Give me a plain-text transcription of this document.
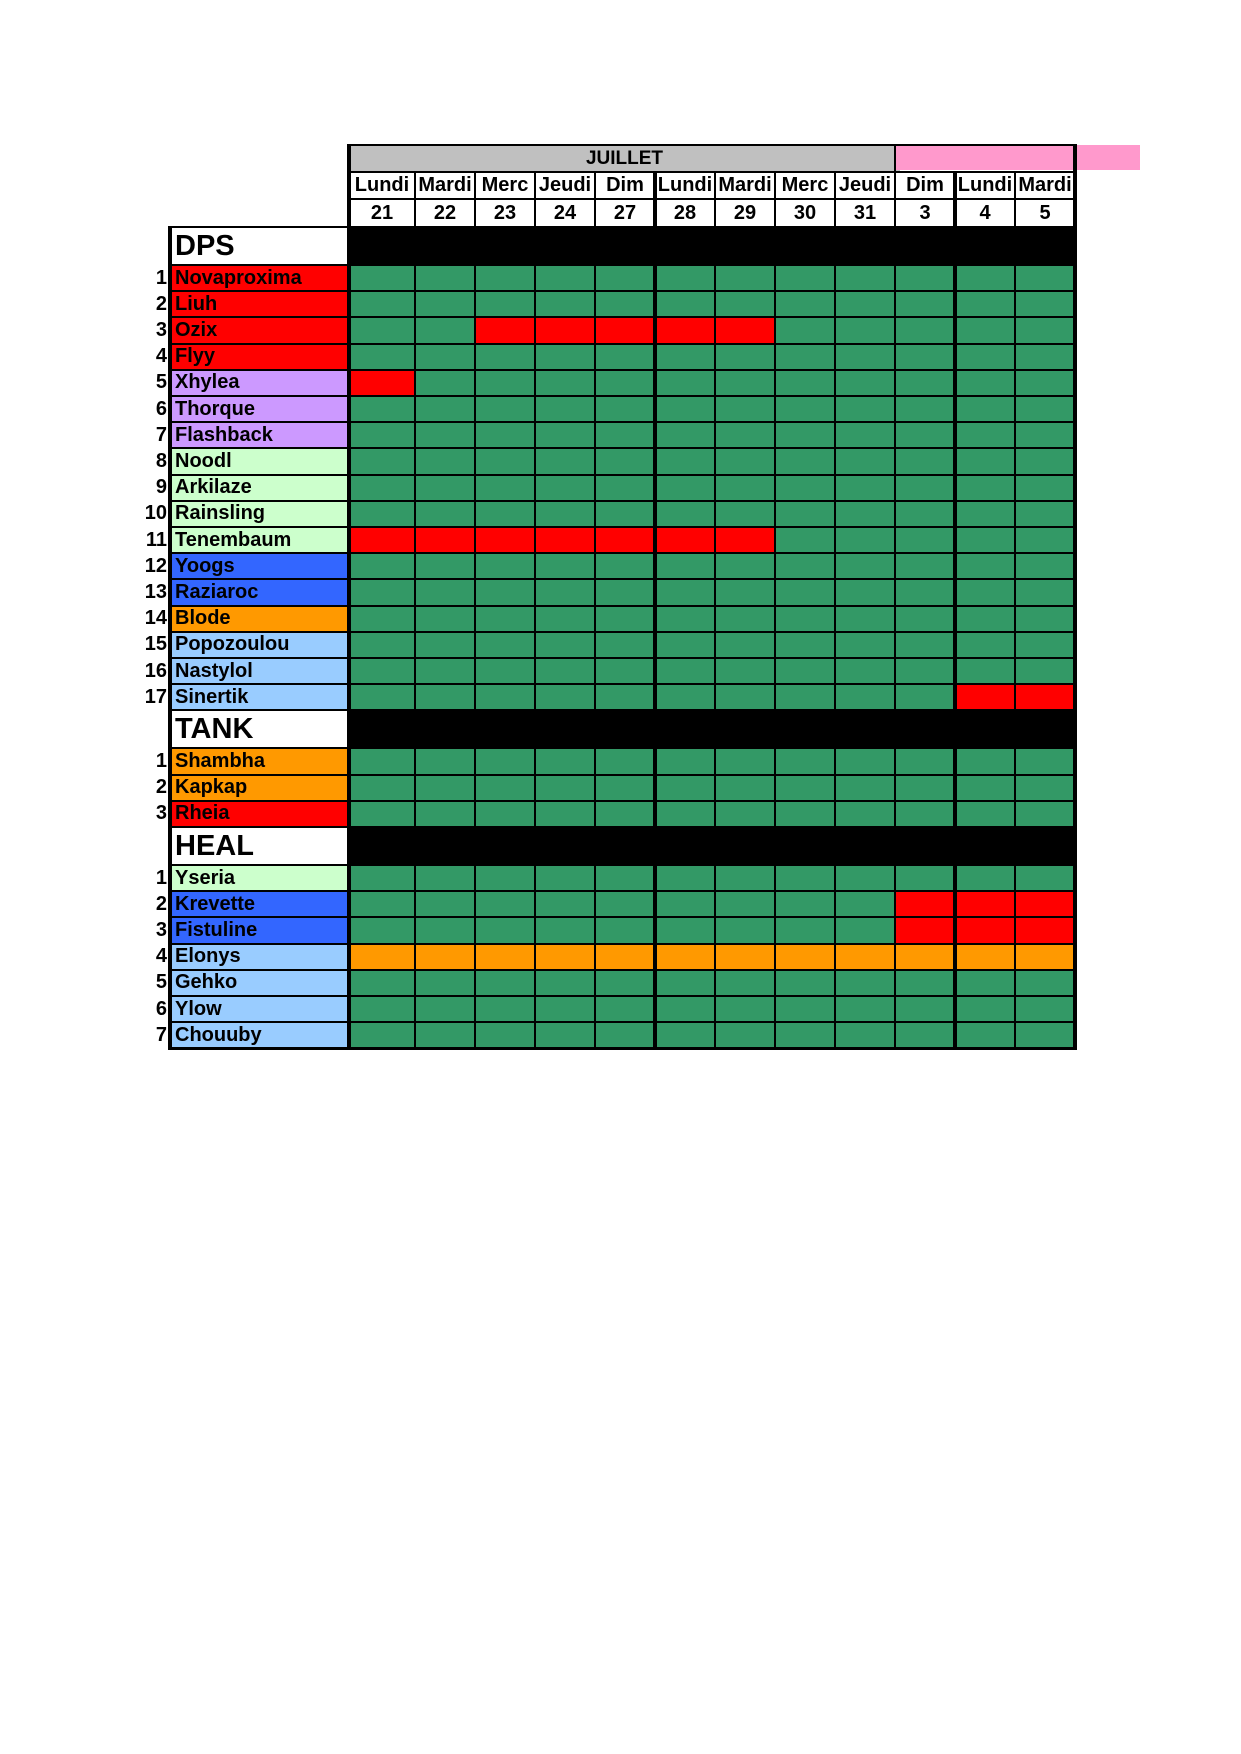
JUILLET
Lundi
21
Mardi
22
Merc
23
Jeudi
24
Dim
27
Lundi
28
Mardi
29
Merc
30
Jeudi
31
Dim
3
Lundi
4
Mardi
5
DPS
1 Novaproxima
2 Liuh
3 Ozix
4 Flyy
5 Xhylea
6 Thorque
7 Flashback
8 Noodl
9 Arkilaze
10 Rainsling
11 Tenembaum
12 Yoogs
13 Raziaroc
14 Blode
15 Popozoulou
16 Nastylol
17 Sinertik
TANK
1 Shambha
2 Kapkap
3 Rheia
HEAL
1 Yseria
2 Krevette
3 Fistuline
4 Elonys
5 Gehko
6 Ylow
7 Chouuby
